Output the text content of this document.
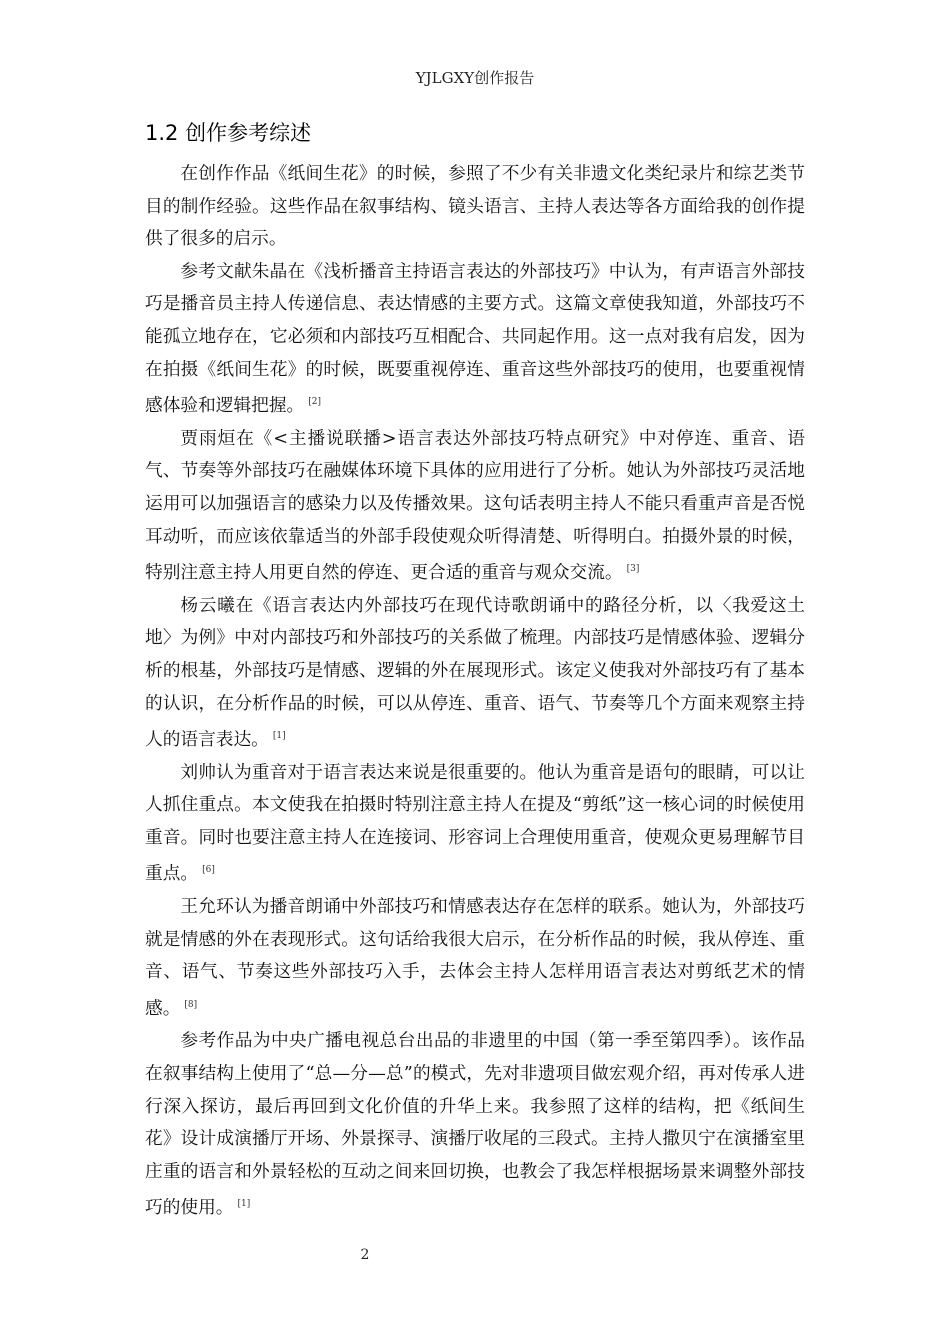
YJLGXY创作报告
1.2 创作参考综述

在创作作品《纸间生花》的时候，参照了不少有关非遗文化类纪录片和综艺类节目的制作经验。这些作品在叙事结构、镜头语言、主持人表达等各方面给我的创作提供了很多的启示。

参考文献朱晶在《浅析播音主持语言表达的外部技巧》中认为，有声语言外部技巧是播音员主持人传递信息、表达情感的主要方式。这篇文章使我知道，外部技巧不能孤立地存在，它必须和内部技巧互相配合、共同起作用。这一点对我有启发，因为在拍摄《纸间生花》的时候，既要重视停连、重音这些外部技巧的使用，也要重视情感体验和逻辑把握。 [2]

贾雨烜在《<主播说联播>语言表达外部技巧特点研究》中对停连、重音、语气、节奏等外部技巧在融媒体环境下具体的应用进行了分析。她认为外部技巧灵活地运用可以加强语言的感染力以及传播效果。这句话表明主持人不能只看重声音是否悦耳动听，而应该依靠适当的外部手段使观众听得清楚、听得明白。拍摄外景的时候，特别注意主持人用更自然的停连、更合适的重音与观众交流。 [3]

杨云曦在《语言表达内外部技巧在现代诗歌朗诵中的路径分析，以〈我爱这土地〉为例》中对内部技巧和外部技巧的关系做了梳理。内部技巧是情感体验、逻辑分析的根基，外部技巧是情感、逻辑的外在展现形式。该定义使我对外部技巧有了基本的认识，在分析作品的时候，可以从停连、重音、语气、节奏等几个方面来观察主持人的语言表达。 [1]

刘帅认为重音对于语言表达来说是很重要的。他认为重音是语句的眼睛，可以让人抓住重点。本文使我在拍摄时特别注意主持人在提及“剪纸”这一核心词的时候使用重音。同时也要注意主持人在连接词、形容词上合理使用重音，使观众更易理解节目重点。 [6]

王允环认为播音朗诵中外部技巧和情感表达存在怎样的联系。她认为，外部技巧就是情感的外在表现形式。这句话给我很大启示，在分析作品的时候，我从停连、重音、语气、节奏这些外部技巧入手，去体会主持人怎样用语言表达对剪纸艺术的情感。 [8]

参考作品为中央广播电视总台出品的非遗里的中国（第一季至第四季）。该作品在叙事结构上使用了“总—分—总”的模式，先对非遗项目做宏观介绍，再对传承人进行深入探访，最后再回到文化价值的升华上来。我参照了这样的结构，把《纸间生花》设计成演播厅开场、外景探寻、演播厅收尾的三段式。主持人撒贝宁在演播室里庄重的语言和外景轻松的互动之间来回切换，也教会了我怎样根据场景来调整外部技巧的使用。 [1]

2
